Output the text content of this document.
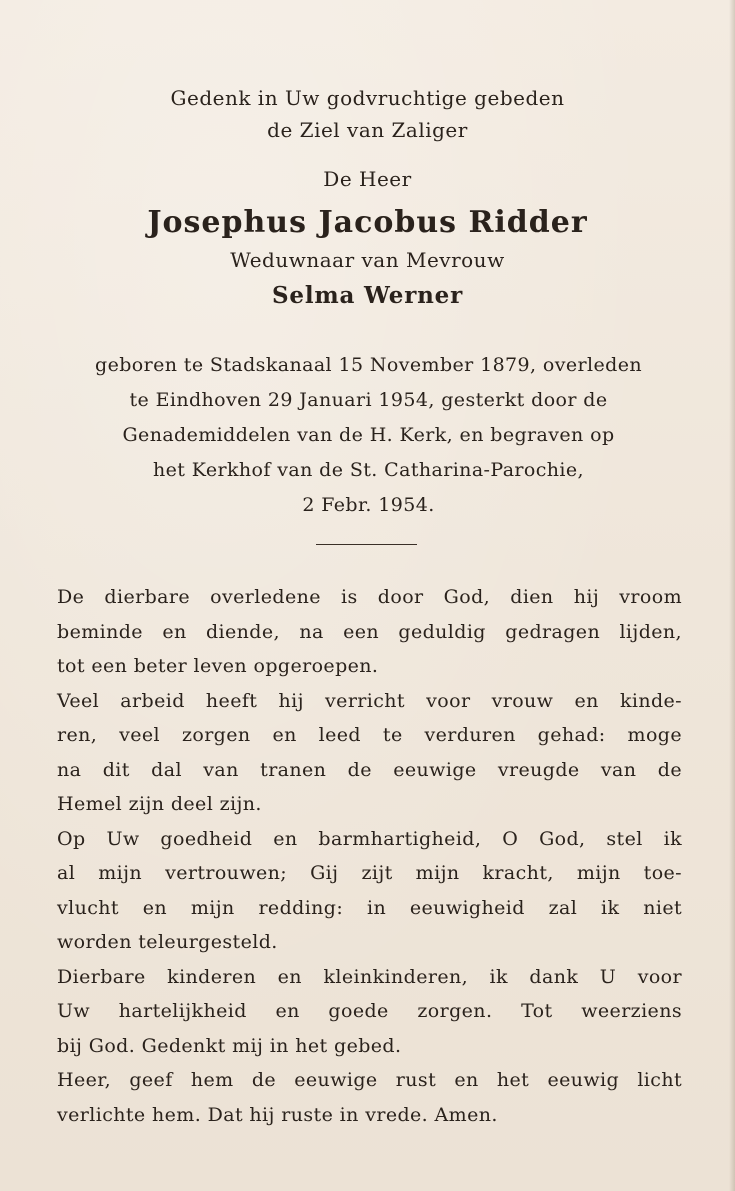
Gedenk in Uw godvruchtige gebeden

de Ziel van Zaliger

De Heer

Josephus Jacobus Ridder

Weduwnaar van Mevrouw

Selma Werner

geboren te Stadskanaal 15 November 1879, overleden
te Eindhoven 29 Januari 1954, gesterkt door de
Genademiddelen van de H. Kerk, en begraven op
het Kerkhof van de St. Catharina-Parochie,
2 Febr. 1954.

De dierbare overledene is door God, dien hij vroom
beminde en diende, na een geduldig gedragen lijden,
tot een beter leven opgeroepen.

Veel arbeid heeft hij verricht voor vrouw en kinde-
ren, veel zorgen en leed te verduren gehad: moge
na dit dal van tranen de eeuwige vreugde van de
Hemel zijn deel zijn.

Op Uw goedheid en barmhartigheid, O God, stel ik
al mijn vertrouwen; Gij zijt mijn kracht, mijn toe-
vlucht en mijn redding: in eeuwigheid zal ik niet
worden teleurgesteld.

Dierbare kinderen en kleinkinderen, ik dank U voor
Uw hartelijkheid en goede zorgen. Tot weerziens
bij God. Gedenkt mij in het gebed.

Heer, geef hem de eeuwige rust en het eeuwig licht
verlichte hem. Dat hij ruste in vrede. Amen.
